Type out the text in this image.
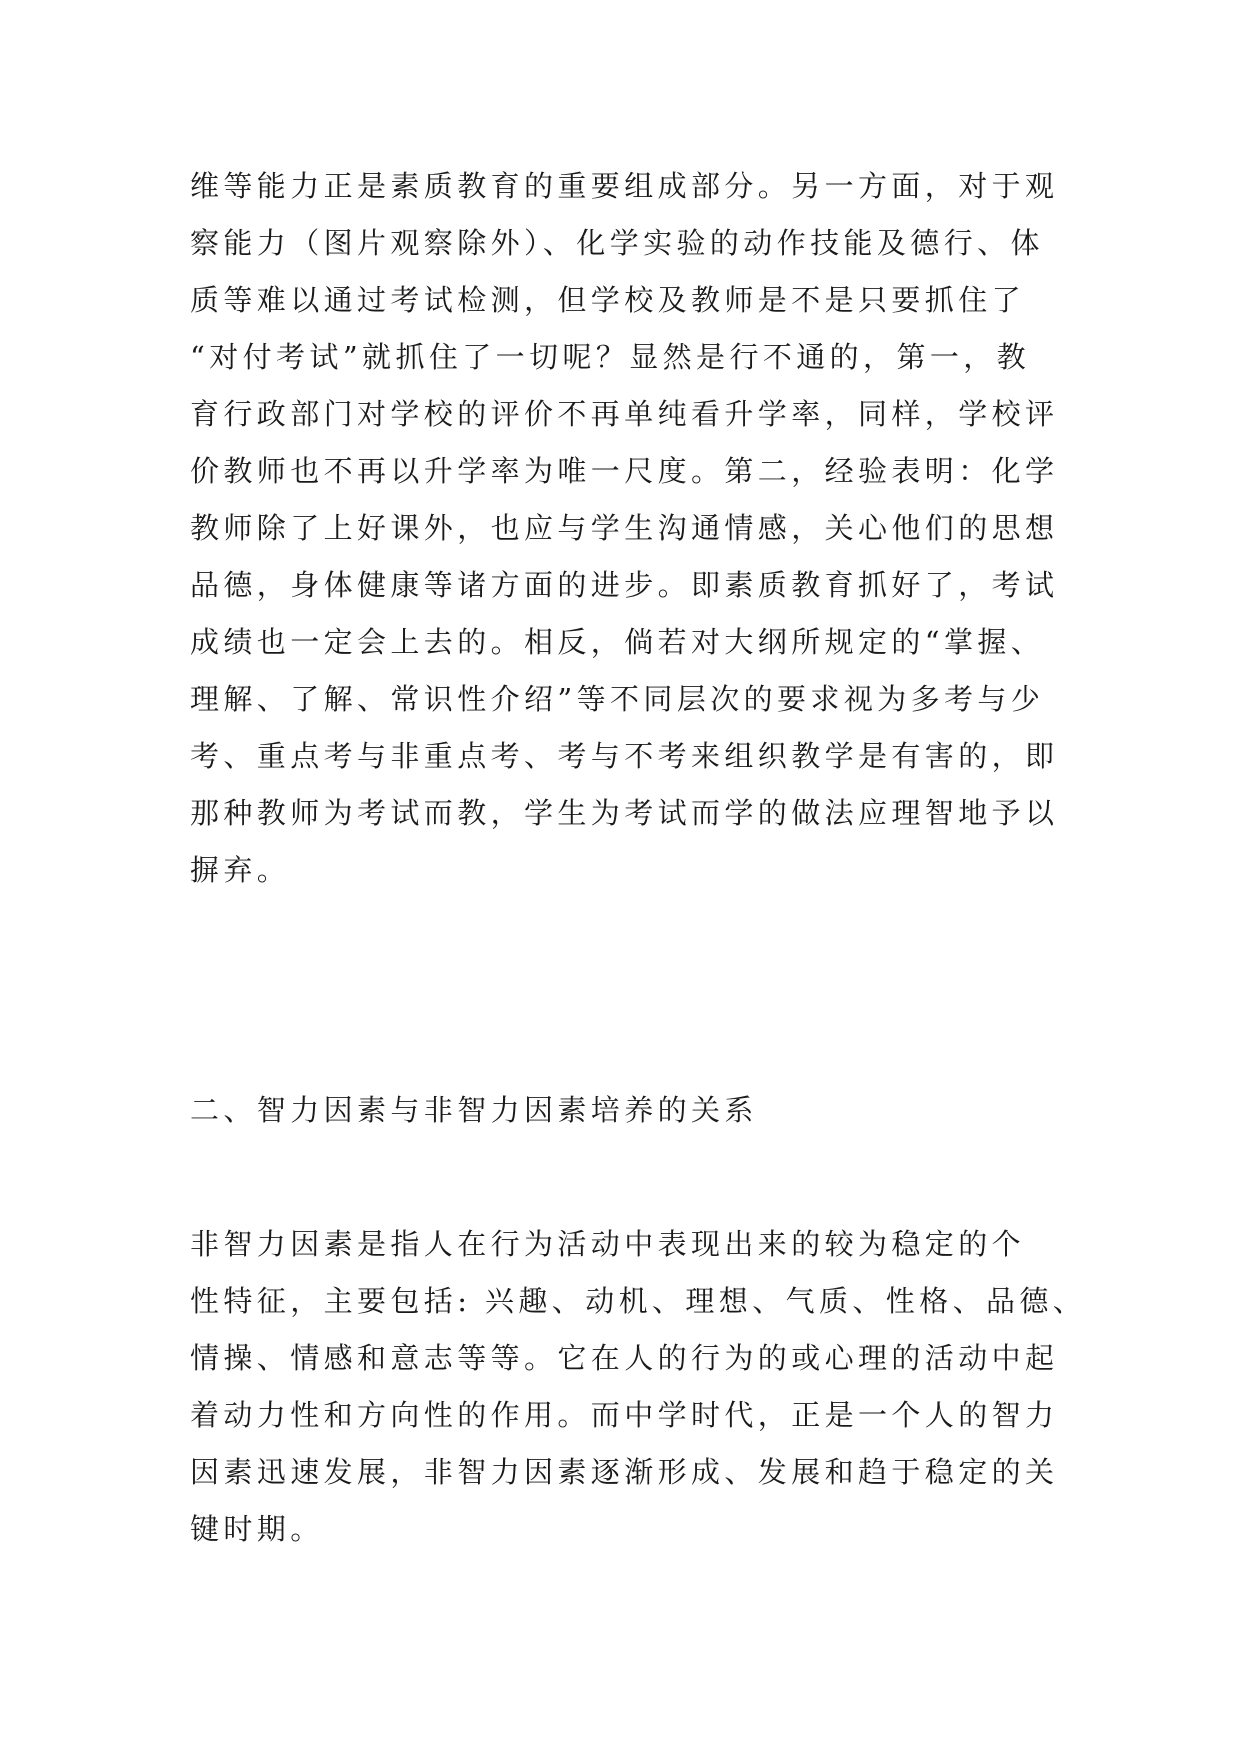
维等能力正是素质教育的重要组成部分。另一方面，对于观

察能力（图片观察除外）、化学实验的动作技能及德行、体

质等难以通过考试检测，但学校及教师是不是只要抓住了

“对付考试”就抓住了一切呢？显然是行不通的，第一，教

育行政部门对学校的评价不再单纯看升学率，同样，学校评

价教师也不再以升学率为唯一尺度。第二，经验表明：化学

教师除了上好课外，也应与学生沟通情感，关心他们的思想

品德，身体健康等诸方面的进步。即素质教育抓好了，考试

成绩也一定会上去的。相反，倘若对大纲所规定的“掌握、

理解、了解、常识性介绍”等不同层次的要求视为多考与少

考、重点考与非重点考、考与不考来组织教学是有害的，即

那种教师为考试而教，学生为考试而学的做法应理智地予以

摒弃。

二、智力因素与非智力因素培养的关系

非智力因素是指人在行为活动中表现出来的较为稳定的个

性特征，主要包括: 兴趣、动机、理想、气质、性格、品德、

情操、情感和意志等等。它在人的行为的或心理的活动中起

着动力性和方向性的作用。而中学时代，正是一个人的智力

因素迅速发展，非智力因素逐渐形成、发展和趋于稳定的关

键时期。
